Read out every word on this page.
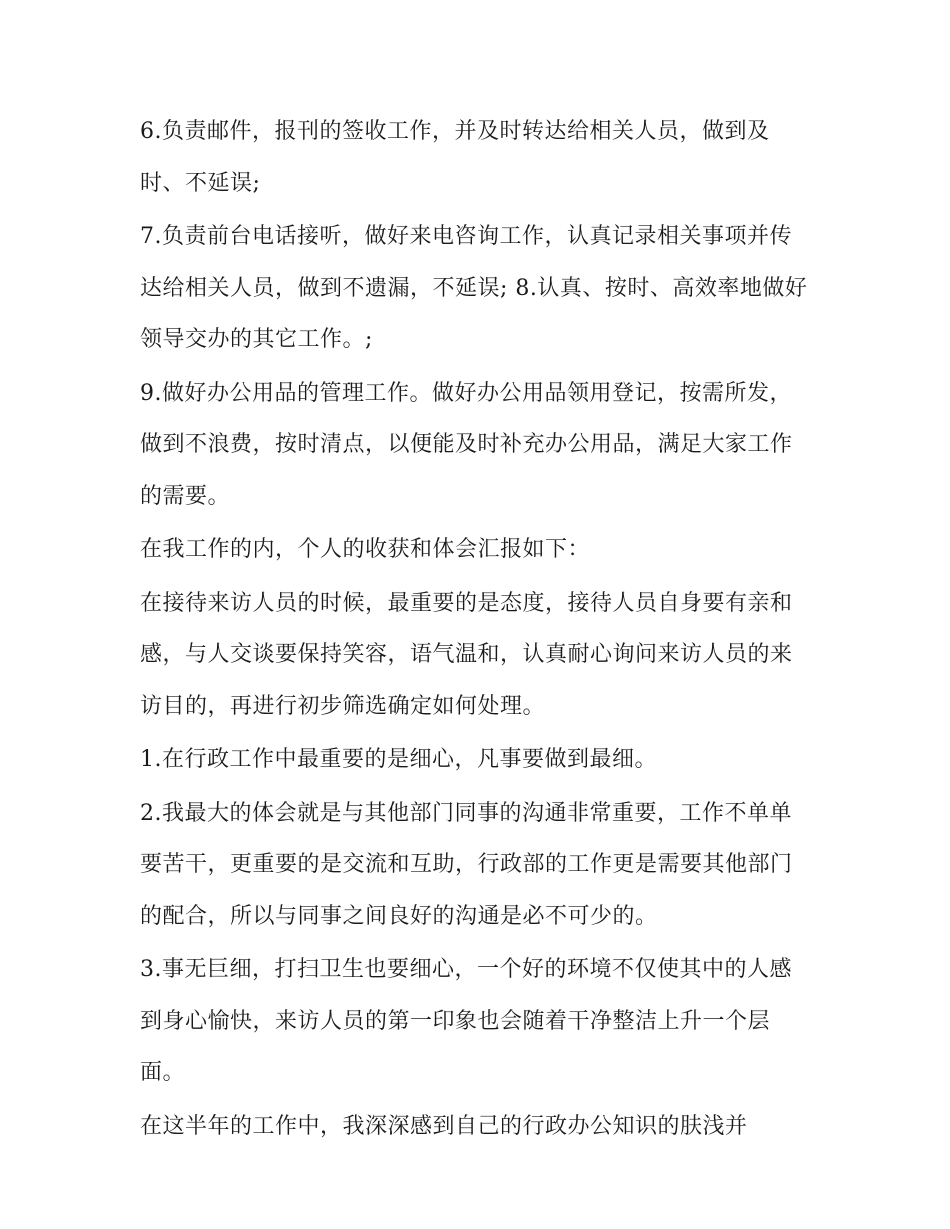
6.负责邮件，报刊的签收工作，并及时转达给相关人员，做到及时、不延误;

7.负责前台电话接听，做好来电咨询工作，认真记录相关事项并传达给相关人员，做到不遗漏，不延误; 8.认真、按时、高效率地做好领导交办的其它工作。;

9.做好办公用品的管理工作。做好办公用品领用登记，按需所发，做到不浪费，按时清点，以便能及时补充办公用品，满足大家工作的需要。

在我工作的内，个人的收获和体会汇报如下：

在接待来访人员的时候，最重要的是态度，接待人员自身要有亲和感，与人交谈要保持笑容，语气温和，认真耐心询问来访人员的来访目的，再进行初步筛选确定如何处理。

1.在行政工作中最重要的是细心，凡事要做到最细。

2.我最大的体会就是与其他部门同事的沟通非常重要，工作不单单要苦干，更重要的是交流和互助，行政部的工作更是需要其他部门的配合，所以与同事之间良好的沟通是必不可少的。

3.事无巨细，打扫卫生也要细心，一个好的环境不仅使其中的人感到身心愉快，来访人员的第一印象也会随着干净整洁上升一个层面。

在这半年的工作中，我深深感到自己的行政办公知识的肤浅并
